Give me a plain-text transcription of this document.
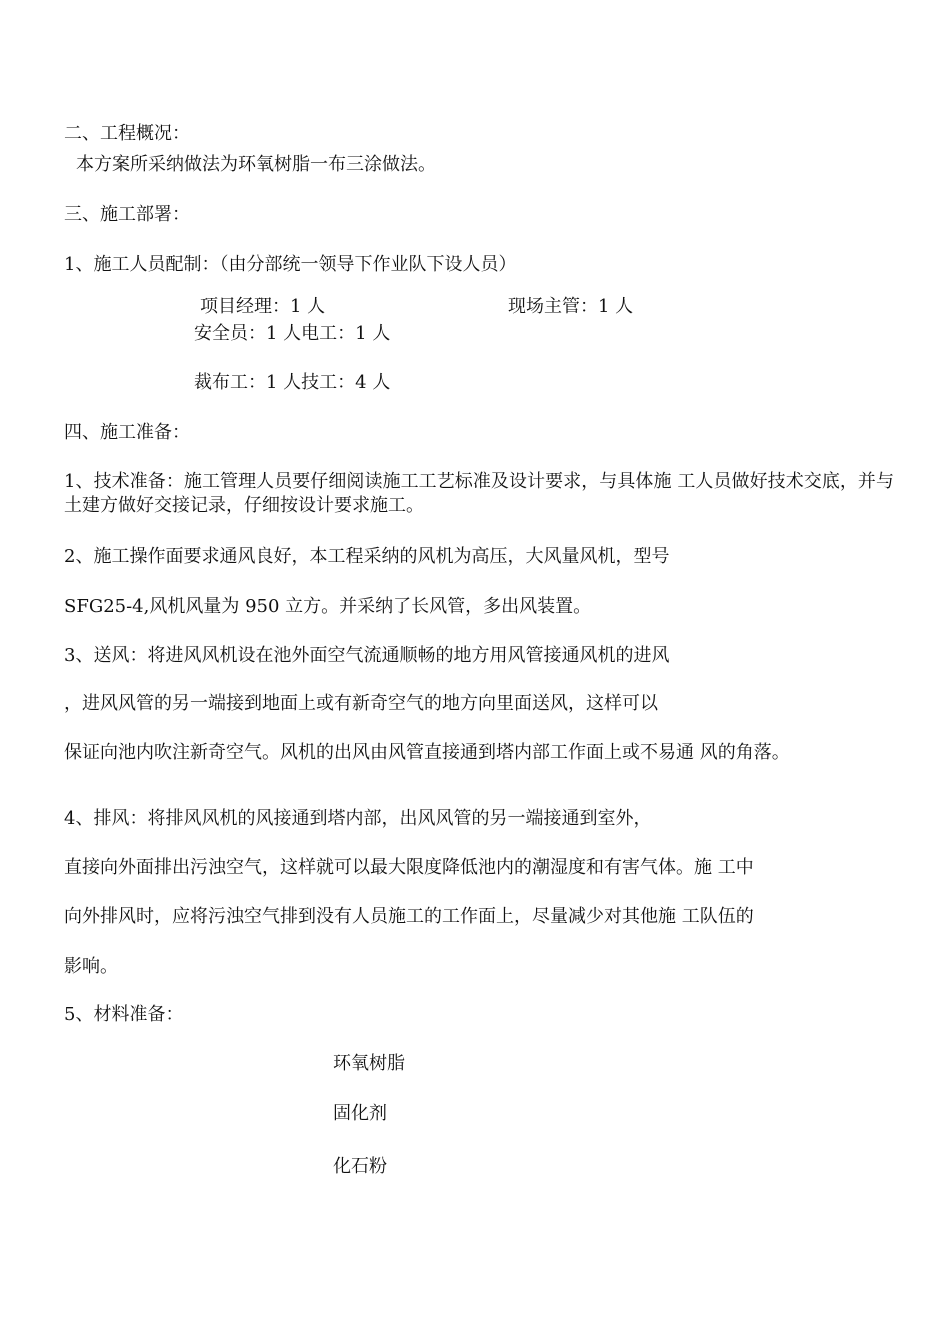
二、工程概况：
本方案所采纳做法为环氧树脂一布三涂做法。
三、施工部署：
1、施工人员配制：（由分部统一领导下作业队下设人员）
项目经理：1 人	现场主管：1 人
安全员：1 人电工：1 人
裁布工：1 人技工：4 人
四、施工准备：
1、技术准备：施工管理人员要仔细阅读施工工艺标准及设计要求，与具体施 工人员做好技术交底，并与土建方做好交接记录，仔细按设计要求施工。
2、施工操作面要求通风良好，本工程采纳的风机为高压，大风量风机，型号
SFG25-4,风机风量为 950 立方。并采纳了长风管，多出风装置。
3、送风：将进风风机设在池外面空气流通顺畅的地方用风管接通风机的进风
，进风风管的另一端接到地面上或有新奇空气的地方向里面送风，这样可以
保证向池内吹注新奇空气。风机的出风由风管直接通到塔内部工作面上或不易通 风的角落。
4、排风：将排风风机的风接通到塔内部，出风风管的另一端接通到室外，
直接向外面排出污浊空气，这样就可以最大限度降低池内的潮湿度和有害气体。施 工中
向外排风时，应将污浊空气排到没有人员施工的工作面上，尽量减少对其他施 工队伍的
影响。
5、材料准备：
环氧树脂
固化剂
化石粉
